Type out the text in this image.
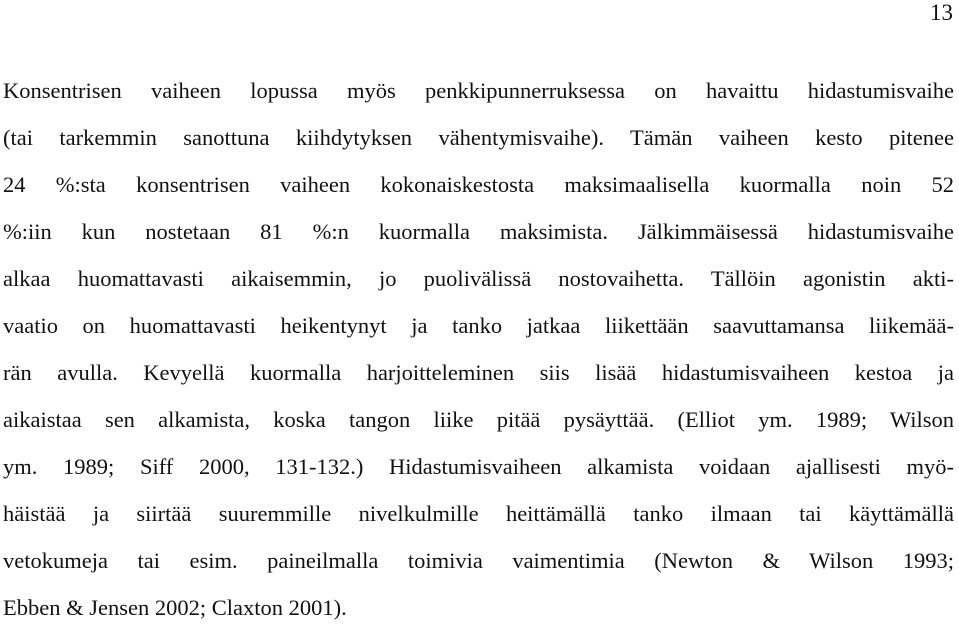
13
Konsentrisen vaiheen lopussa myös penkkipunnerruksessa on havaittu hidastumisvaihe
(tai tarkemmin sanottuna kiihdytyksen vähentymisvaihe). Tämän vaiheen kesto pitenee
24 %:sta konsentrisen vaiheen kokonaiskestosta maksimaalisella kuormalla noin 52
%:iin kun nostetaan 81 %:n kuormalla maksimista. Jälkimmäisessä hidastumisvaihe
alkaa huomattavasti aikaisemmin, jo puolivälissä nostovaihetta. Tällöin agonistin akti-
vaatio on huomattavasti heikentynyt ja tanko jatkaa liikettään saavuttamansa liikemää-
rän avulla. Kevyellä kuormalla harjoitteleminen siis lisää hidastumisvaiheen kestoa ja
aikaistaa sen alkamista, koska tangon liike pitää pysäyttää. (Elliot ym. 1989; Wilson
ym. 1989; Siff 2000, 131-132.) Hidastumisvaiheen alkamista voidaan ajallisesti myö-
häistää ja siirtää suuremmille nivelkulmille heittämällä tanko ilmaan tai käyttämällä
vetokumeja tai esim. paineilmalla toimivia vaimentimia (Newton & Wilson 1993;
Ebben & Jensen 2002; Claxton 2001).
